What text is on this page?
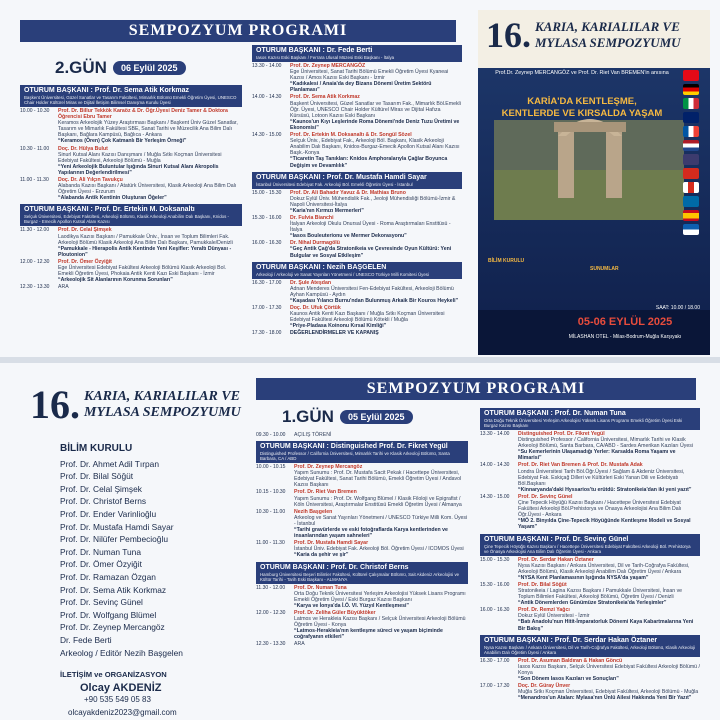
SEMPOZYUM PROGRAMI
2.GÜN	06 Eylül 2025
OTURUM BAŞKANI : Prof. Dr. Sema Atik Korkmaz
Başkent Üniversitesi, Güzel Sanatlar ve Tasarım Fakültesi, Mimarlık Bölümü Emekli Öğretim Üyesi, UNESCO Chair Holder Kültürel Miras ve Dijital İletişim Bilimsel Danışma Kurulu Üyesi
10.00 - 10.30	Prof. Dr. Billur Tekkök Karaöz & Dr. Öğr.Üyesi Deniz Tamer & Doktora Öğrencisi Ebru Tamer
Keramos Arkeolojik Yüzey Araştırması Başkanı / Başkent Üniv Güzel Sanatlar, Tasarım ve Mimarlık Fakültesi SBE, Sanat Tarihi ve Müzecilik Ana Bilim Dalı Başkanı, Bağlara Kampüsü, Bağlıca - Ankara
“Keramos (Ören) Çok Katmanlı Bir Yerleşim Örneği”
10.30 - 11.00	Doç. Dr. Hülya Bulut
Sinurl Kutsal Alanı Kazısı Danışmanı / Muğla Sıtkı Koçman Üniversitesi Edebiyat Fakültesi, Arkeoloji Bölümü - Muğla
“Yeni Arkeolojik Buluntular Işığında Sinuri Kutsal Alanı Akropolis Yapılarının Değerlendirilmesi”
11.00 - 11.30	Doç. Dr. Ali Yılçın Tavukçu
Alabanda Kazısı Başkanı / Atatürk Üniversitesi, Klasik Arkeoloji Ana Bilim Dalı Öğretim Üyesi - Erzurum
“Alabanda Antik Kentinin Oluşturan Öğeler”
OTURUM BAŞKANI : Prof. Dr. Ertekin M. Doksanaltı
Selçuk Üniversitesi, Edebiyat Fakültesi, Arkeoloji Bölümü, Klasik Arkeoloji Anabilim Dalı Başkanı, Knidos - Burgaz - Emecik Apollon Kutsal Alanı Kazısı
11.30 - 12.00	Prof. Dr. Celal Şimşek
Laodikya Kazısı Başkanı / Pamukkale Üniv., İnsan ve Toplum Bilimleri Fak. Arkeoloji Bölümü Klasik Arkeoloji Ana Bilim Dalı Başkanı, Pamukkale/Denizli
“Pamukkale - Hierapolis Antik Kentinde Yeni Keşifler: Yeraltı Dünyası - Ploutonion”
12.00 - 12.30	Prof. Dr. Ömer Özyiğit
Ege Üniversitesi Edebiyat Fakültesi Arkeoloji Bölümü Klasik Arkeoloji Bol. Emekli Öğretim Üyesi, Phokaia Antik Kenti Kazı Eski Başkanı - İzmir
“Arkeolojik Sit Alanlarının Korunma Sorunları”
12.30 - 13.30	ARA
OTURUM BAŞKANI : Dr. Fede Berti
Iasos Kazısı Eski Başkanı / Ferrara Ulusal Müzesi Eski Başkanı - İtalya
13.30 - 14.00	Prof. Dr. Zeynep MERCANGÖZ
Ege Üniversitesi, Sanat Tarihi Bölümü Emekli Öğretim Üyesi Kyaneai Kazısı / Amos Kazısı Eski Başkanı - İzmir
“Kadıkalesi / Anaia'da dey Bizans Dönemi Üretim Sektörü Planlaması”
14.00 - 14.30	Prof. Dr. Sema Atik Korkmaz
Başkent Üniversitesi, Güzel Sanatlar ve Tasarım Fak., Mimarlık Böl.Emekli Öğr. Üyesi, UNESCO Chair Holder Kültürel Miras ve Dijital Hafıza Kürsüsü, Lotoon Kazısı Eski Başkanı
“Kaunos'un Kıyı Leşlerinde Roma Dönemi'nde Deniz Tuzu Üretimi ve Ekonomisi”
14.30 - 15.00	Prof. Dr. Ertekin M. Doksanaltı & Dr. Songül Sözel
Selçuk Üniv., Edebiyat Fak., Arkeoloji Böl. Başkanı, Klasik Arkeoloji Anabilim Dalı Başkanı, Knidos-Burgaz-Emecik Apollon Kutsal Alanı Kazısı Başk.-Konya
“Ticaretin Taş Tanıkları: Knidos Amphoralarıyla Çağlar Boyunca Değişim ve Devamlılık”
OTURUM BAŞKANI : Prof. Dr. Mustafa Hamdi Sayar
İstanbul Üniversitesi Edebiyat Fak. Arkeoloji Böl. Emekli Öğretim Üyesi - İstanbul
15.00 - 15.30	Prof. Dr. Ali Bahadır Yavuz & Dr. Mathias Bruno
Dokuz Eylül Üniv. Mühendislik Fak., Jeoloji Mühendisliği Bölümü-İzmir & Napoli Üniversitesi-İtalya
“Karia'nın Kırmızı Mermerleri”
15.30 - 16.00	Dr. Fulvia Bianchi
İtalyan Arkeoloji Okulu Onursal Üyesi - Roma Araştırmaları Enstitüsü - İtalya
“Iasos Bouleuterionu ve Mermer Dekorasyonu”
16.00 - 16.30	Dr. Nihal Durmagölü
“Geç Antik Çağ'da Stratonikeia ve Çevresinde Oyun Kültürü: Yeni Bulgular ve Sosyal Etkileşim”
OTURUM BAŞKANI : Nezih BAŞGELEN
Arkeoloji / Arkeoloji ve Sanat Yayınları Yönetmeni / UNESCO Türkiye Milli Komitesi Üyesi
16.30 - 17.00	Dr. Şule Ateşdan
Adnan Menderes Üniversitesi Fen-Edebiyat Fakültesi, Arkeoloji Bölümü Ayhan Kampüsü - Aydın
“Kaşadası Yılancı Burnu'ndan Bulunmuş Arkaik Bir Kouros Heykeli”
17.00 - 17.30	Doç. Dr. Ufuk Çörtük
Kaunos Antik Kenti Kazı Başkanı / Muğla Sıtkı Koçman Üniversitesi Edebiyat Fakültesi Arkeoloji Bölümü Kötekli / Muğla
“Priye-Pladasa Koinonu Kırsal Kimliği”
17.30 - 18.00	DEĞERLENDİRMELER VE KAPANIŞ
16. KARIA, KARIALILAR VE
MYLASA SEMPOZYUMU
Prof.Dr. Zeynep MERCANGÖZ ve Prof. Dr. Riet Van BREMEN'in anısına
KARİA'DA KENTLEŞME,
KENTLERDE VE KIRSALDA YAŞAM
BİLİM KURULU
SUNUMLAR
SAAT: 10.00 / 18.00
05-06 EYLÜL 2025
MİLASHAN OTEL - Milas-Bodrum-Muğla Karşıyakı
16. KARIA, KARIALILAR VE
MYLASA SEMPOZYUMU
BİLİM KURULU
Prof. Dr. Ahmet Adil Tırpan
Prof. Dr. Bilal Söğüt
Prof. Dr. Celal Şimşek
Prof. Dr. Christof Berns
Prof. Dr. Ender Varinlioğlu
Prof. Dr. Mustafa Hamdi Sayar
Prof. Dr. Nilüfer Pembecioğlu
Prof. Dr. Numan Tuna
Prof. Dr. Ömer Özyiğit
Prof. Dr. Ramazan Özgan
Prof. Dr. Sema Atik Korkmaz
Prof. Dr. Sevinç Günel
Prof. Dr. Wolfgang Blümel
Prof. Dr. Zeynep Mercangöz
Dr. Fede Berti
Arkeolog / Editör Nezih Başgelen
İLETİŞİM ve ORGANİZASYON
Olcay AKDENİZ
+90 535 549 05 83
olcayakdeniz2023@gmail.com
SEMPOZYUM PROGRAMI
1.GÜN	05 Eylül 2025
09.30 - 10.00	AÇILIŞ TÖRENİ
OTURUM BAŞKANI : Distinguished Prof. Dr. Fikret Yegül
Distinguished Professor / California Üniversitesi, Mimarlık Tarihi ve Klasik Arkeoloji Bölümü, Santa Barbara, CA / ABD
10.00 - 10.15	Prof. Dr. Zeynep Mercangöz
Yapım Sunumu : Prof. Dr. Mustafa Sacit Pekak / Hacettepe Üniversitesi, Edebiyat Fakültesi, Sanat Tarihi Bölümü, Emekli Öğretim Üyesi / Andavol Kazısı Başkanı
10.15 - 10.30	Prof. Dr. Riet Van Bremen
Yapım Sunumu : Prof. Dr. Wolfgang Blümel / Klasik Filoloji ve Epigrafist / Köln Üniversitesi, Araştırmalar Enstitüsü Emekli Öğretim Üyesi / Almanya
10.30 - 11.00	Nezih Başgelen
Arkeolog ve Sanat Yayınları Yönetmeni / UNESCO Türkiye Milli Kom. Üyesi - İstanbul
“Tarihi gravürlerde ve eski fotoğraflarda Karya kentlerinden ve insanlarından yaşam sahneleri”
11.00 - 11.30	Prof. Dr. Mustafa Hamdi Sayar
İstanbul Üniv. Edebiyat Fak. Arkeoloji Böl. Öğretim Üyesi / ICOMOS Üyesi
“Karia da şehir ve şir”
OTURUM BAŞKANI : Prof. Dr. Christof Berns
Hamburg Üniversitesi Beşeri Bilimler Fakültesi, Kültürel Çalışmalar Bölümü, Sait Akdeniz Arkeolojisi ve Kültür Tarihi - Tarih Eski Başkanı - ALMANYA
11.30 - 12.00	Prof. Dr. Numan Tuna
Orta Doğu Teknik Üniversitesi Yerleşim Arkeolojisi Yüksek Lisans Programı Emekli Öğretim Üyesi / Eski Burgaz Kazısı Başkanı
“Karya ve İonya'da İ.Ö. VI. Yüzyıl Kentleşmesi”
12.00 - 12.30	Prof. Dr. Zeliha Güler Büyüktöker
Latmos ve Herakleia Kazısı Başkanı / Selçuk Üniversitesi Arkeoloji Bölümü Öğretim Üyesi - Konya
“Latmos-Herakleia'nın kentleşme süreci ve yaşam biçiminde coğrafyanın etkileri”
12.30 - 13.30	ARA
OTURUM BAŞKANI : Prof. Dr. Numan Tuna
Orta Doğu Teknik Üniversitesi Yerleşim Arkeolojisi Yüksek Lisans Programı Emekli Öğretim Üyesi Eski Burgaz Kazısı Başkanı
13.30 - 14.00	Distinguished Prof. Dr. Fikret Yegül
Distinguished Professor / California Üniversitesi, Mimarlık Tarihi ve Klasik Arkeoloji Bölümü, Santa Barbara, CA/ABD - Sardes Amerikan Kazıları Üyesi
“Su Kemerlerinin Ulaşamadığı Yerler: Karsalda Roma Yaşamı ve Mimarisi”
14.00 - 14.30	Prof. Dr. Riet Van Bremen & Prof. Dr. Mustafa Adak
Londra Üniversitesi Tarih Böl.Öğr.Üyesi / Sağlam & Akdeniz Üniversitesi, Edebiyat Fak. Eskiçağ Dilleri ve Kültürleri Eski Yanan Dili ve Edebiyatı Böl.Başkanı
“Kinnaryanda'daki Hyssarios'tu erütdü: Stratonikeia'dan iki yeni yazıt”
14.30 - 15.00	Prof. Dr. Sevinç Günel
Çine Tepecik Höyüğü Kazısı Başkanı / Hacettepe Üniversitesi Edebiyat Fakültesi Arkeoloji Böl.Prehistorya ve Önasya Arkeolojisi Ana Bilim Dalı Öğr.Üyesi - Ankara
“MÖ 2. Binyılda Çine-Tepecik Höyüğünde Kentleşme Modeli ve Sosyal Yaşam”
OTURUM BAŞKANI : Prof. Dr. Sevinç Günel
Çine Tepecik Höyüğü Kazısı Başkanı / Hacettepe Üniversitesi Edebiyat Fakültesi Arkeoloji Böl. Prehistorya ve Önasya Arkeolojisi Ana Bilim Dalı Öğretim Üyesi - Ankara
15.00 - 15.30	Prof. Dr. Serdar Hakan Öztaner
Nysa Kazısı Başkanı / Ankara Üniversitesi, Dil ve Tarih-Coğrafya Fakültesi, Arkeoloji Bölümü, Klasik Arkeoloji Anabilim Dalı Öğretim Üyesi / Ankara
“NYSA Kent Planlamasının Işığında NYSA'da yaşam”
15.30 - 16.00	Prof. Dr. Bilal Söğüt
Stratonikeia / Lagina Kazısı Başkanı / Pamukkale Üniversitesi, İnsan ve Toplum Bilimleri Fakültesi, Arkeoloji Bölümü, Öğretim Üyesi / Denizli
“Antik Dönemlerden Günümüze Stratonikeia'da Yerleşimler”
16.00 - 16.30	Prof. Dr. Remzi Yağcı
Dokuz Eylül Üniversitesi - İzmir
“Batı Anadolu'nun Hitit-İmparatorluk Dönemi Kaya Kabartmalarına Yeni Bir Bakış”
OTURUM BAŞKANI : Prof. Dr. Serdar Hakan Öztaner
Nysa Kazısı Başkanı / Ankara Üniversitesi, Dil ve Tarih-Coğrafya Fakültesi, Arkeoloji Bölümü, Klasik Arkeoloji Anabilim Dalı Öğretim Üyesi / Ankara
16.30 - 17.00	Prof. Dr. Asuman Baldıran & Hakan Göncü
Iasos Kazısı Başkanı, Selçuk Üniversitesi Edebiyat Fakültesi Arkeoloji Bölümü / Konya
“Son Dönem Iasos Kazıları ve Sonuçları”
17.00 - 17.30	Doç. Dr. Güray Ünver
Muğla Sıtkı Koçman Üniversitesi, Edebiyat Fakültesi, Arkeoloji Bölümü - Muğla
“Menandros'un Atalan: Mylasa'nın Ünlü Ailesi Hakkında Yeni Bir Yazıt”
